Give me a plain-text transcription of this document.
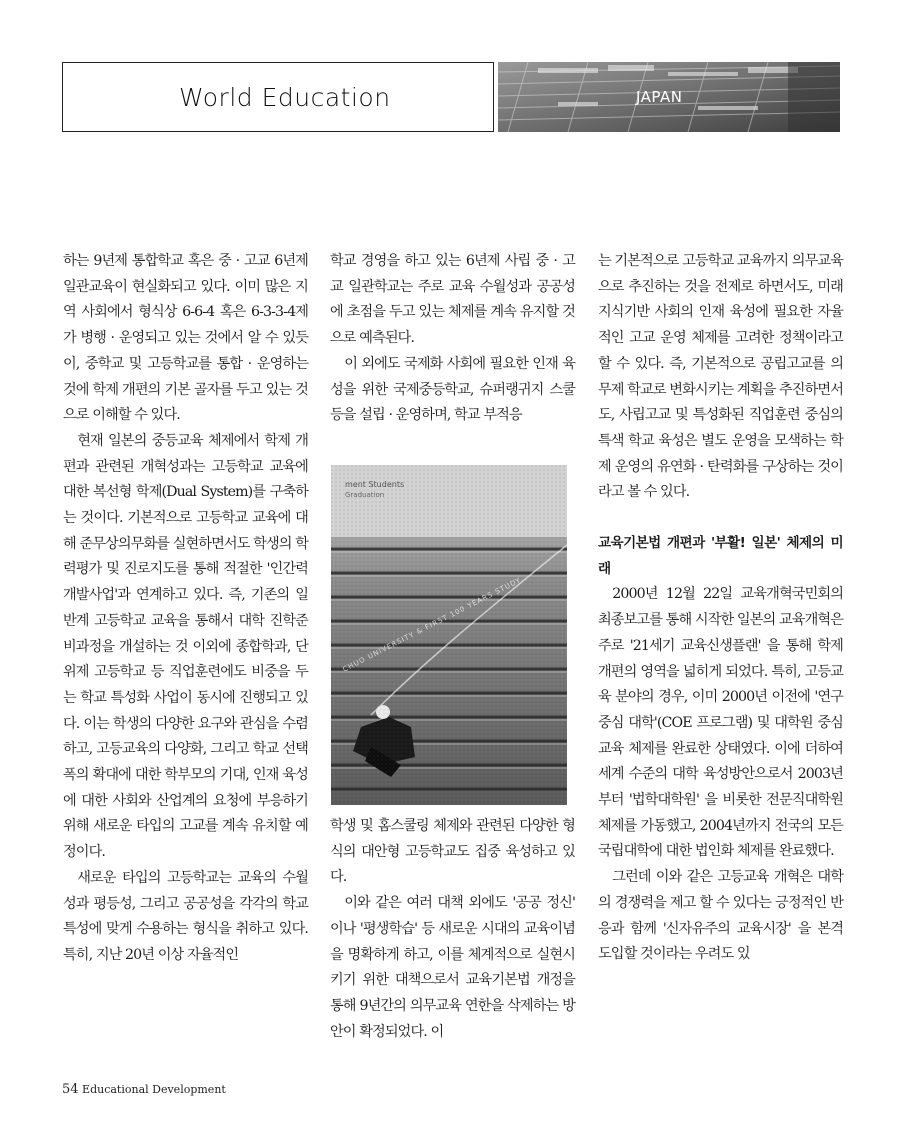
World Education	JAPAN

하는 9년제 통합학교 혹은 중 · 고교 6년제 일관교육이 현실화되고 있다. 이미 많은 지역 사회에서 형식상 6-6-4 혹은 6-3-3-4제가 병행 · 운영되고 있는 것에서 알 수 있듯이, 중학교 및 고등학교를 통합 · 운영하는 것에 학제 개편의 기본 골자를 두고 있는 것으로 이해할 수 있다.

현재 일본의 중등교육 체제에서 학제 개편과 관련된 개혁성과는 고등학교 교육에 대한 복선형 학제(Dual System)를 구축하는 것이다. 기본적으로 고등학교 교육에 대해 준무상의무화를 실현하면서도 학생의 학력평가 및 진로지도를 통해 적절한 '인간력 개발사업'과 연계하고 있다. 즉, 기존의 일반계 고등학교 교육을 통해서 대학 진학준비과정을 개설하는 것 이외에 종합학과, 단위제 고등학교 등 직업훈련에도 비중을 두는 학교 특성화 사업이 동시에 진행되고 있다. 이는 학생의 다양한 요구와 관심을 수렴하고, 고등교육의 다양화, 그리고 학교 선택 폭의 확대에 대한 학부모의 기대, 인재 육성에 대한 사회와 산업계의 요청에 부응하기 위해 새로운 타입의 고교를 계속 유치할 예정이다.

새로운 타입의 고등학교는 교육의 수월성과 평등성, 그리고 공공성을 각각의 학교 특성에 맞게 수용하는 형식을 취하고 있다. 특히, 지난 20년 이상 자율적인

학교 경영을 하고 있는 6년제 사립 중 · 고교 일관학교는 주로 교육 수월성과 공공성에 초점을 두고 있는 체제를 계속 유지할 것으로 예측된다.

이 외에도 국제화 사회에 필요한 인재 육성을 위한 국제중등학교, 슈퍼랭귀지 스쿨 등을 설립 · 운영하며, 학교 부적응

학생 및 홈스쿨링 체제와 관련된 다양한 형식의 대안형 고등학교도 집중 육성하고 있다.

이와 같은 여러 대책 외에도 '공공 정신' 이나 '평생학습' 등 새로운 시대의 교육이념을 명확하게 하고, 이를 체계적으로 실현시키기 위한 대책으로서 교육기본법 개정을 통해 9년간의 의무교육 연한을 삭제하는 방안이 확정되었다. 이

는 기본적으로 고등학교 교육까지 의무교육으로 추진하는 것을 전제로 하면서도, 미래 지식기반 사회의 인재 육성에 필요한 자율적인 고교 운영 체제를 고려한 정책이라고 할 수 있다. 즉, 기본적으로 공립고교를 의무제 학교로 변화시키는 계획을 추진하면서도, 사립고교 및 특성화된 직업훈련 중심의 특색 학교 육성은 별도 운영을 모색하는 학제 운영의 유연화 · 탄력화를 구상하는 것이라고 볼 수 있다.

교육기본법 개편과 '부활! 일본' 체제의 미래

2000년 12월 22일 교육개혁국민회의 최종보고를 통해 시작한 일본의 교육개혁은 주로 '21세기 교육신생플랜' 을 통해 학제 개편의 영역을 넓히게 되었다. 특히, 고등교육 분야의 경우, 이미 2000년 이전에 '연구 중심 대학'(COE 프로그램) 및 대학원 중심 교육 체제를 완료한 상태였다. 이에 더하여 세계 수준의 대학 육성방안으로서 2003년부터 '법학대학원' 을 비롯한 전문직대학원 체제를 가동했고, 2004년까지 전국의 모든 국립대학에 대한 법인화 체제를 완료했다.

그런데 이와 같은 고등교육 개혁은 대학의 경쟁력을 제고 할 수 있다는 긍정적인 반응과 함께 '신자유주의 교육시장' 을 본격 도입할 것이라는 우려도 있

54 Educational Development
